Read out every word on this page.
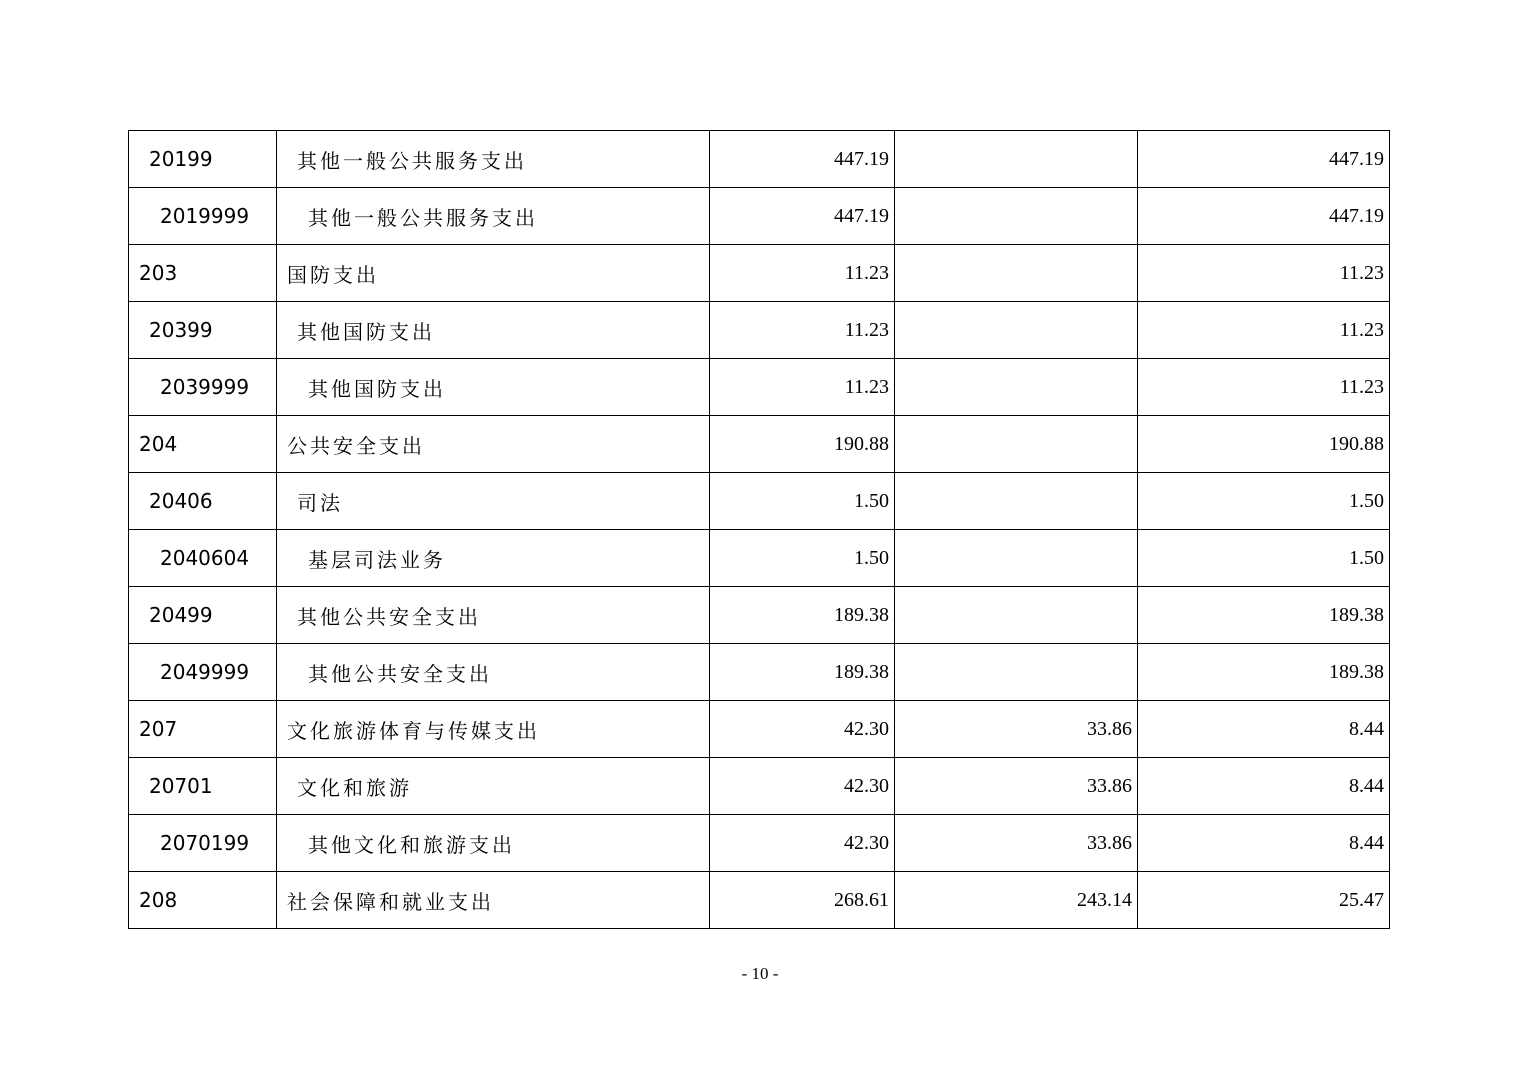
20199	其他一般公共服务支出	447.19		447.19
2019999	其他一般公共服务支出	447.19		447.19
203	国防支出	11.23		11.23
20399	其他国防支出	11.23		11.23
2039999	其他国防支出	11.23		11.23
204	公共安全支出	190.88		190.88
20406	司法	1.50		1.50
2040604	基层司法业务	1.50		1.50
20499	其他公共安全支出	189.38		189.38
2049999	其他公共安全支出	189.38		189.38
207	文化旅游体育与传媒支出	42.30	33.86	8.44
20701	文化和旅游	42.30	33.86	8.44
2070199	其他文化和旅游支出	42.30	33.86	8.44
208	社会保障和就业支出	268.61	243.14	25.47
- 10 -
